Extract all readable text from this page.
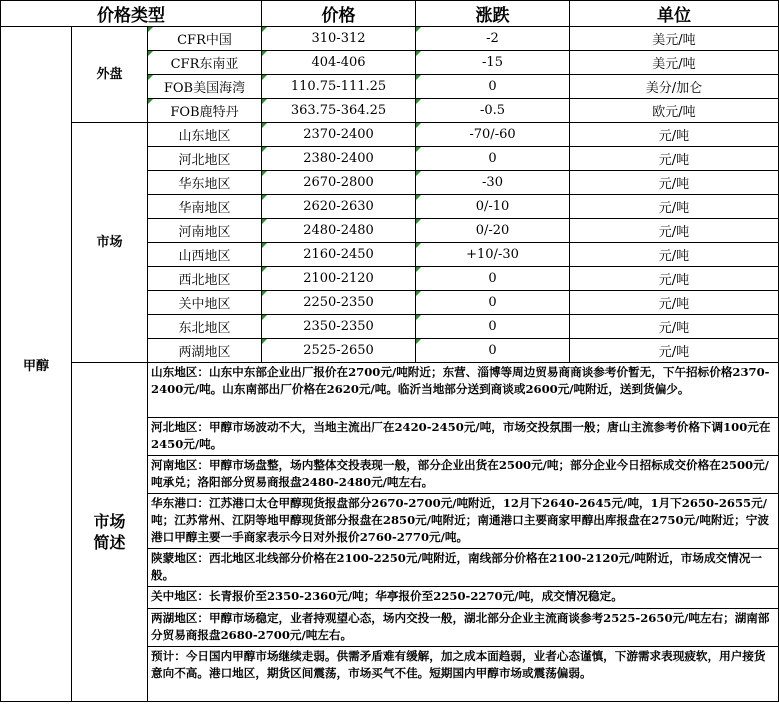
价格类型			价格	涨跌	单位
甲醇	外盘	CFR中国	310-312	-2	美元/吨
		CFR东南亚	404-406	-15	美元/吨
		FOB美国海湾	110.75-111.25	0	美分/加仑
		FOB鹿特丹	363.75-364.25	-0.5	欧元/吨
	市场	山东地区	2370-2400	-70/-60	元/吨
		河北地区	2380-2400	0	元/吨
		华东地区	2670-2800	-30	元/吨
		华南地区	2620-2630	0/-10	元/吨
		河南地区	2480-2480	0/-20	元/吨
		山西地区	2160-2450	+10/-30	元/吨
		西北地区	2100-2120	0	元/吨
		关中地区	2250-2350	0	元/吨
		东北地区	2350-2350	0	元/吨
		两湖地区	2525-2650	0	元/吨

	市场
简述	山东地区：山东中东部企业出厂报价在2700元/吨附近；东营、淄博等周边贸易商商谈参考价暂无，下午招标价格2370-2400元/吨。山东南部出厂价格在2620元/吨。临沂当地部分送到商谈或2600元/吨附近，送到货偏少。			
		河北地区：甲醇市场波动不大，当地主流出厂在2420-2450元/吨，市场交投氛围一般；唐山主流参考价格下调100元在2450元/吨。			
		河南地区：甲醇市场盘整，场内整体交投表现一般，部分企业出货在2500元/吨；部分企业今日招标成交价格在2500元/吨承兑；洛阳部分贸易商报盘2480-2480元/吨左右。			
		华东港口：江苏港口太仓甲醇现货报盘部分2670-2700元/吨附近，12月下2640-2645元/吨，1月下2650-2655元/吨；江苏常州、江阴等地甲醇现货部分报盘在2850元/吨附近；南通港口主要商家甲醇出库报盘在2750元/吨附近；宁波港口甲醇主要一手商家表示今日对外报价2760-2770元/吨。			
		陕蒙地区：西北地区北线部分价格在2100-2250元/吨附近，南线部分价格在2100-2120元/吨附近，市场成交情况一般。			
		关中地区：长青报价至2350-2360元/吨；华亭报价至2250-2270元/吨，成交情况稳定。			
		两湖地区：甲醇市场稳定，业者持观望心态，场内交投一般，湖北部分企业主流商谈参考2525-2650元/吨左右；湖南部分贸易商报盘2680-2700元/吨左右。			
		预计：今日国内甲醇市场继续走弱。供需矛盾难有缓解，加之成本面趋弱，业者心态谨慎，下游需求表现疲软，用户接货意向不高。港口地区，期货区间震荡，市场买气不佳。短期国内甲醇市场或震荡偏弱。			
